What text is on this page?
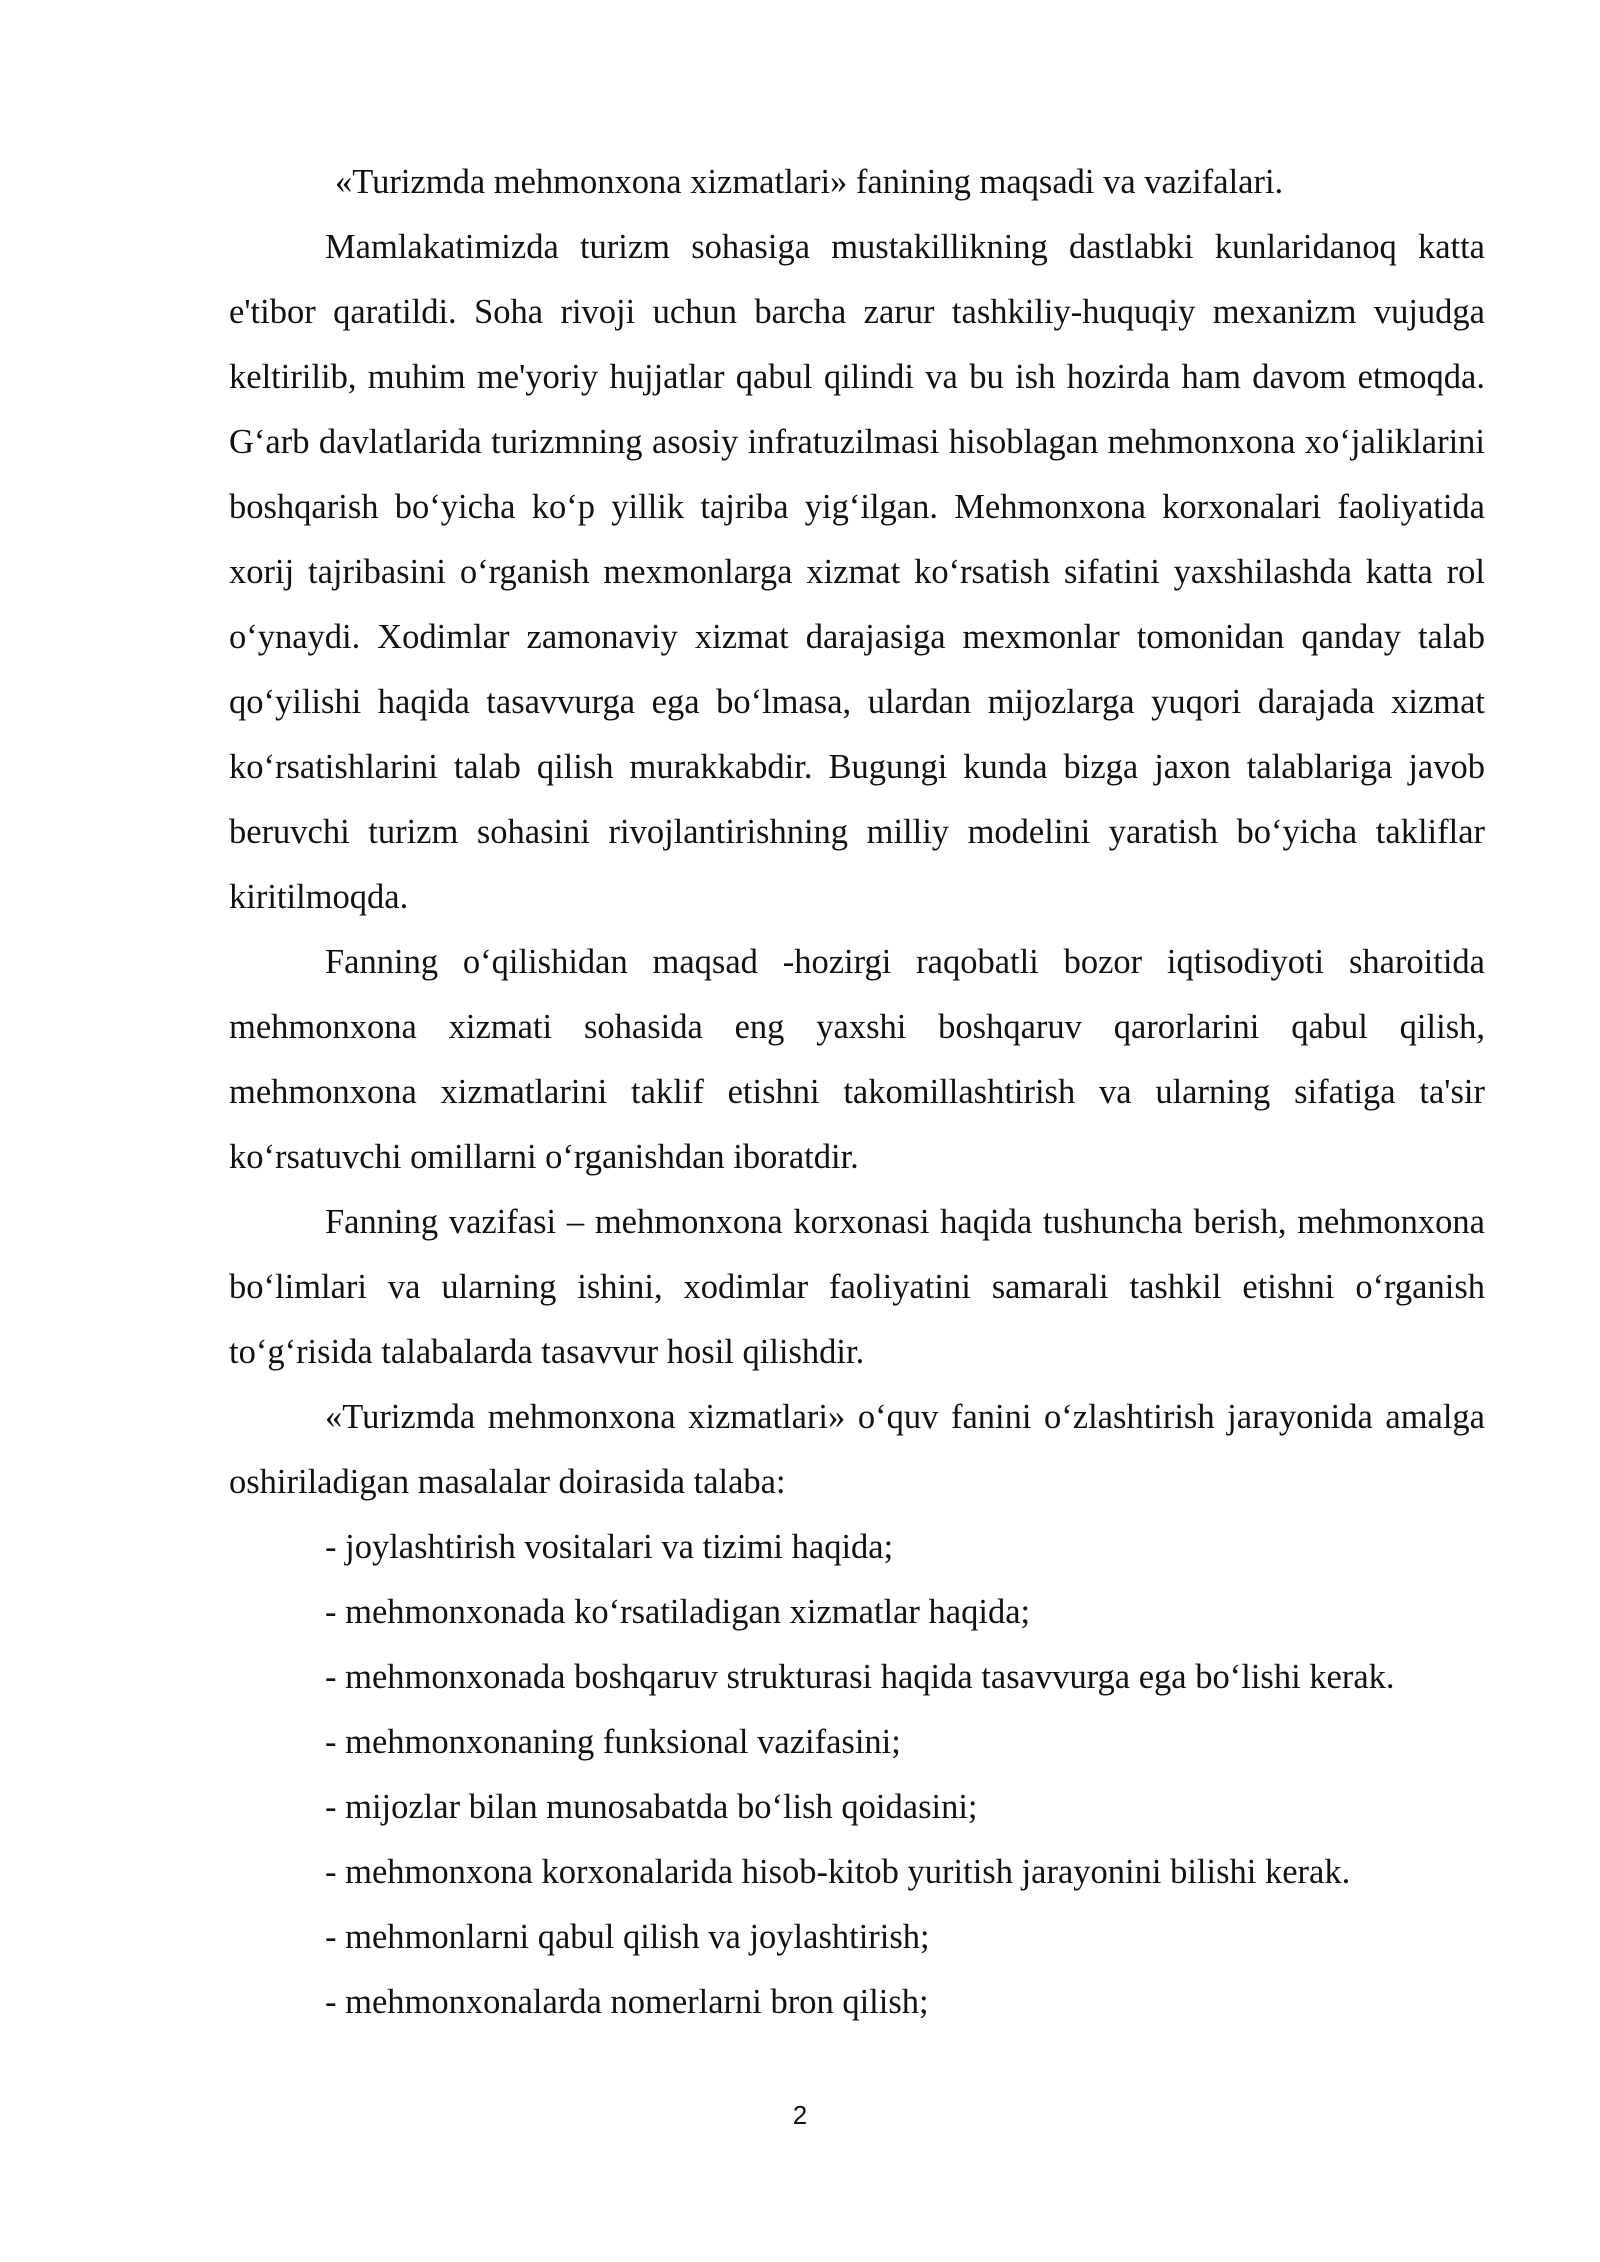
«Turizmda mehmonxona xizmatlari» fanining maqsadi va vazifalari.

Mamlakatimizda turizm sohasiga mustakillikning dastlabki kunlaridanoq katta e'tibor qaratildi. Soha rivoji uchun barcha zarur tashkiliy-huquqiy mexanizm vujudga keltirilib, muhim me'yoriy hujjatlar qabul qilindi va bu ish hozirda ham davom etmoqda. G‘arb davlatlarida turizmning asosiy infratuzilmasi hisoblagan mehmonxona xo‘jaliklarini boshqarish bo‘yicha ko‘p yillik tajriba yig‘ilgan. Mehmonxona korxonalari faoliyatida xorij tajribasini o‘rganish mexmonlarga xizmat ko‘rsatish sifatini yaxshilashda katta rol o‘ynaydi. Xodimlar zamonaviy xizmat darajasiga mexmonlar tomonidan qanday talab qo‘yilishi haqida tasavvurga ega bo‘lmasa, ulardan mijozlarga yuqori darajada xizmat ko‘rsatishlarini talab qilish murakkabdir. Bugungi kunda bizga jaxon talablariga javob beruvchi turizm sohasini rivojlantirishning milliy modelini yaratish bo‘yicha takliflar kiritilmoqda.

Fanning o‘qilishidan maqsad -hozirgi raqobatli bozor iqtisodiyoti sharoitida mehmonxona xizmati sohasida eng yaxshi boshqaruv qarorlarini qabul qilish, mehmonxona xizmatlarini taklif etishni takomillashtirish va ularning sifatiga ta'sir ko‘rsatuvchi omillarni o‘rganishdan iboratdir.

Fanning vazifasi – mehmonxona korxonasi haqida tushuncha berish, mehmonxona bo‘limlari va ularning ishini, xodimlar faoliyatini samarali tashkil etishni o‘rganish to‘g‘risida talabalarda tasavvur hosil qilishdir.

«Turizmda mehmonxona xizmatlari» o‘quv fanini o‘zlashtirish jarayonida amalga oshiriladigan masalalar doirasida talaba:

- joylashtirish vositalari va tizimi haqida;

- mehmonxonada ko‘rsatiladigan xizmatlar haqida;

- mehmonxonada boshqaruv strukturasi haqida tasavvurga ega bo‘lishi kerak.

- mehmonxonaning funksional vazifasini;

- mijozlar bilan munosabatda bo‘lish qoidasini;

- mehmonxona korxonalarida hisob-kitob yuritish jarayonini bilishi kerak.

- mehmonlarni qabul qilish va joylashtirish;

- mehmonxonalarda nomerlarni bron qilish;

2
